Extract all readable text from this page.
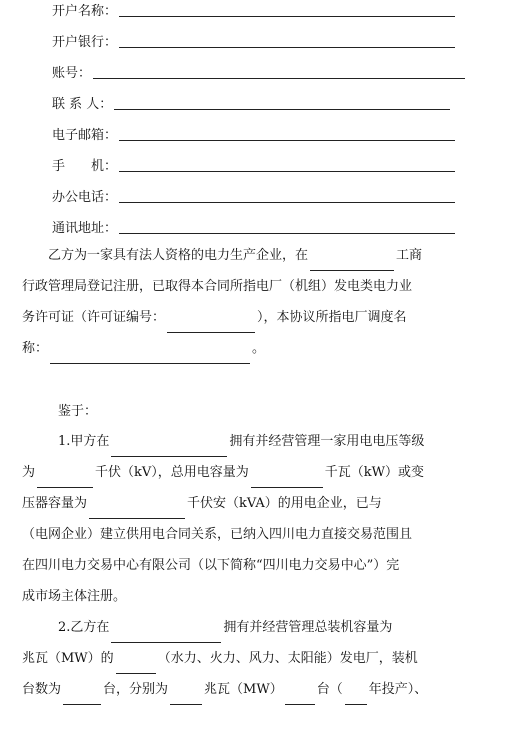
开户名称：
开户银行：
账号：
联 系 人：
电子邮箱：
手　　机：
办公电话：
通讯地址：
乙方为一家具有法人资格的电力生产企业，在	工商
行政管理局登记注册，已取得本合同所指电厂（机组）发电类电力业
务许可证（许可证编号：	），本协议所指电厂调度名
称：	。
鉴于：
1.甲方在	拥有并经营管理一家用电电压等级
为	千伏（kV），总用电容量为	千瓦（kW）或变
压器容量为	千伏安（kVA）的用电企业，已与
（电网企业）建立供用电合同关系，已纳入四川电力直接交易范围且
在四川电力交易中心有限公司（以下简称“四川电力交易中心”）完
成市场主体注册。
2.乙方在	拥有并经营管理总装机容量为
兆瓦（MW）的	（水力、火力、风力、太阳能）发电厂，装机
台数为	台，分别为	兆瓦（MW）	台（ 年投产）、
